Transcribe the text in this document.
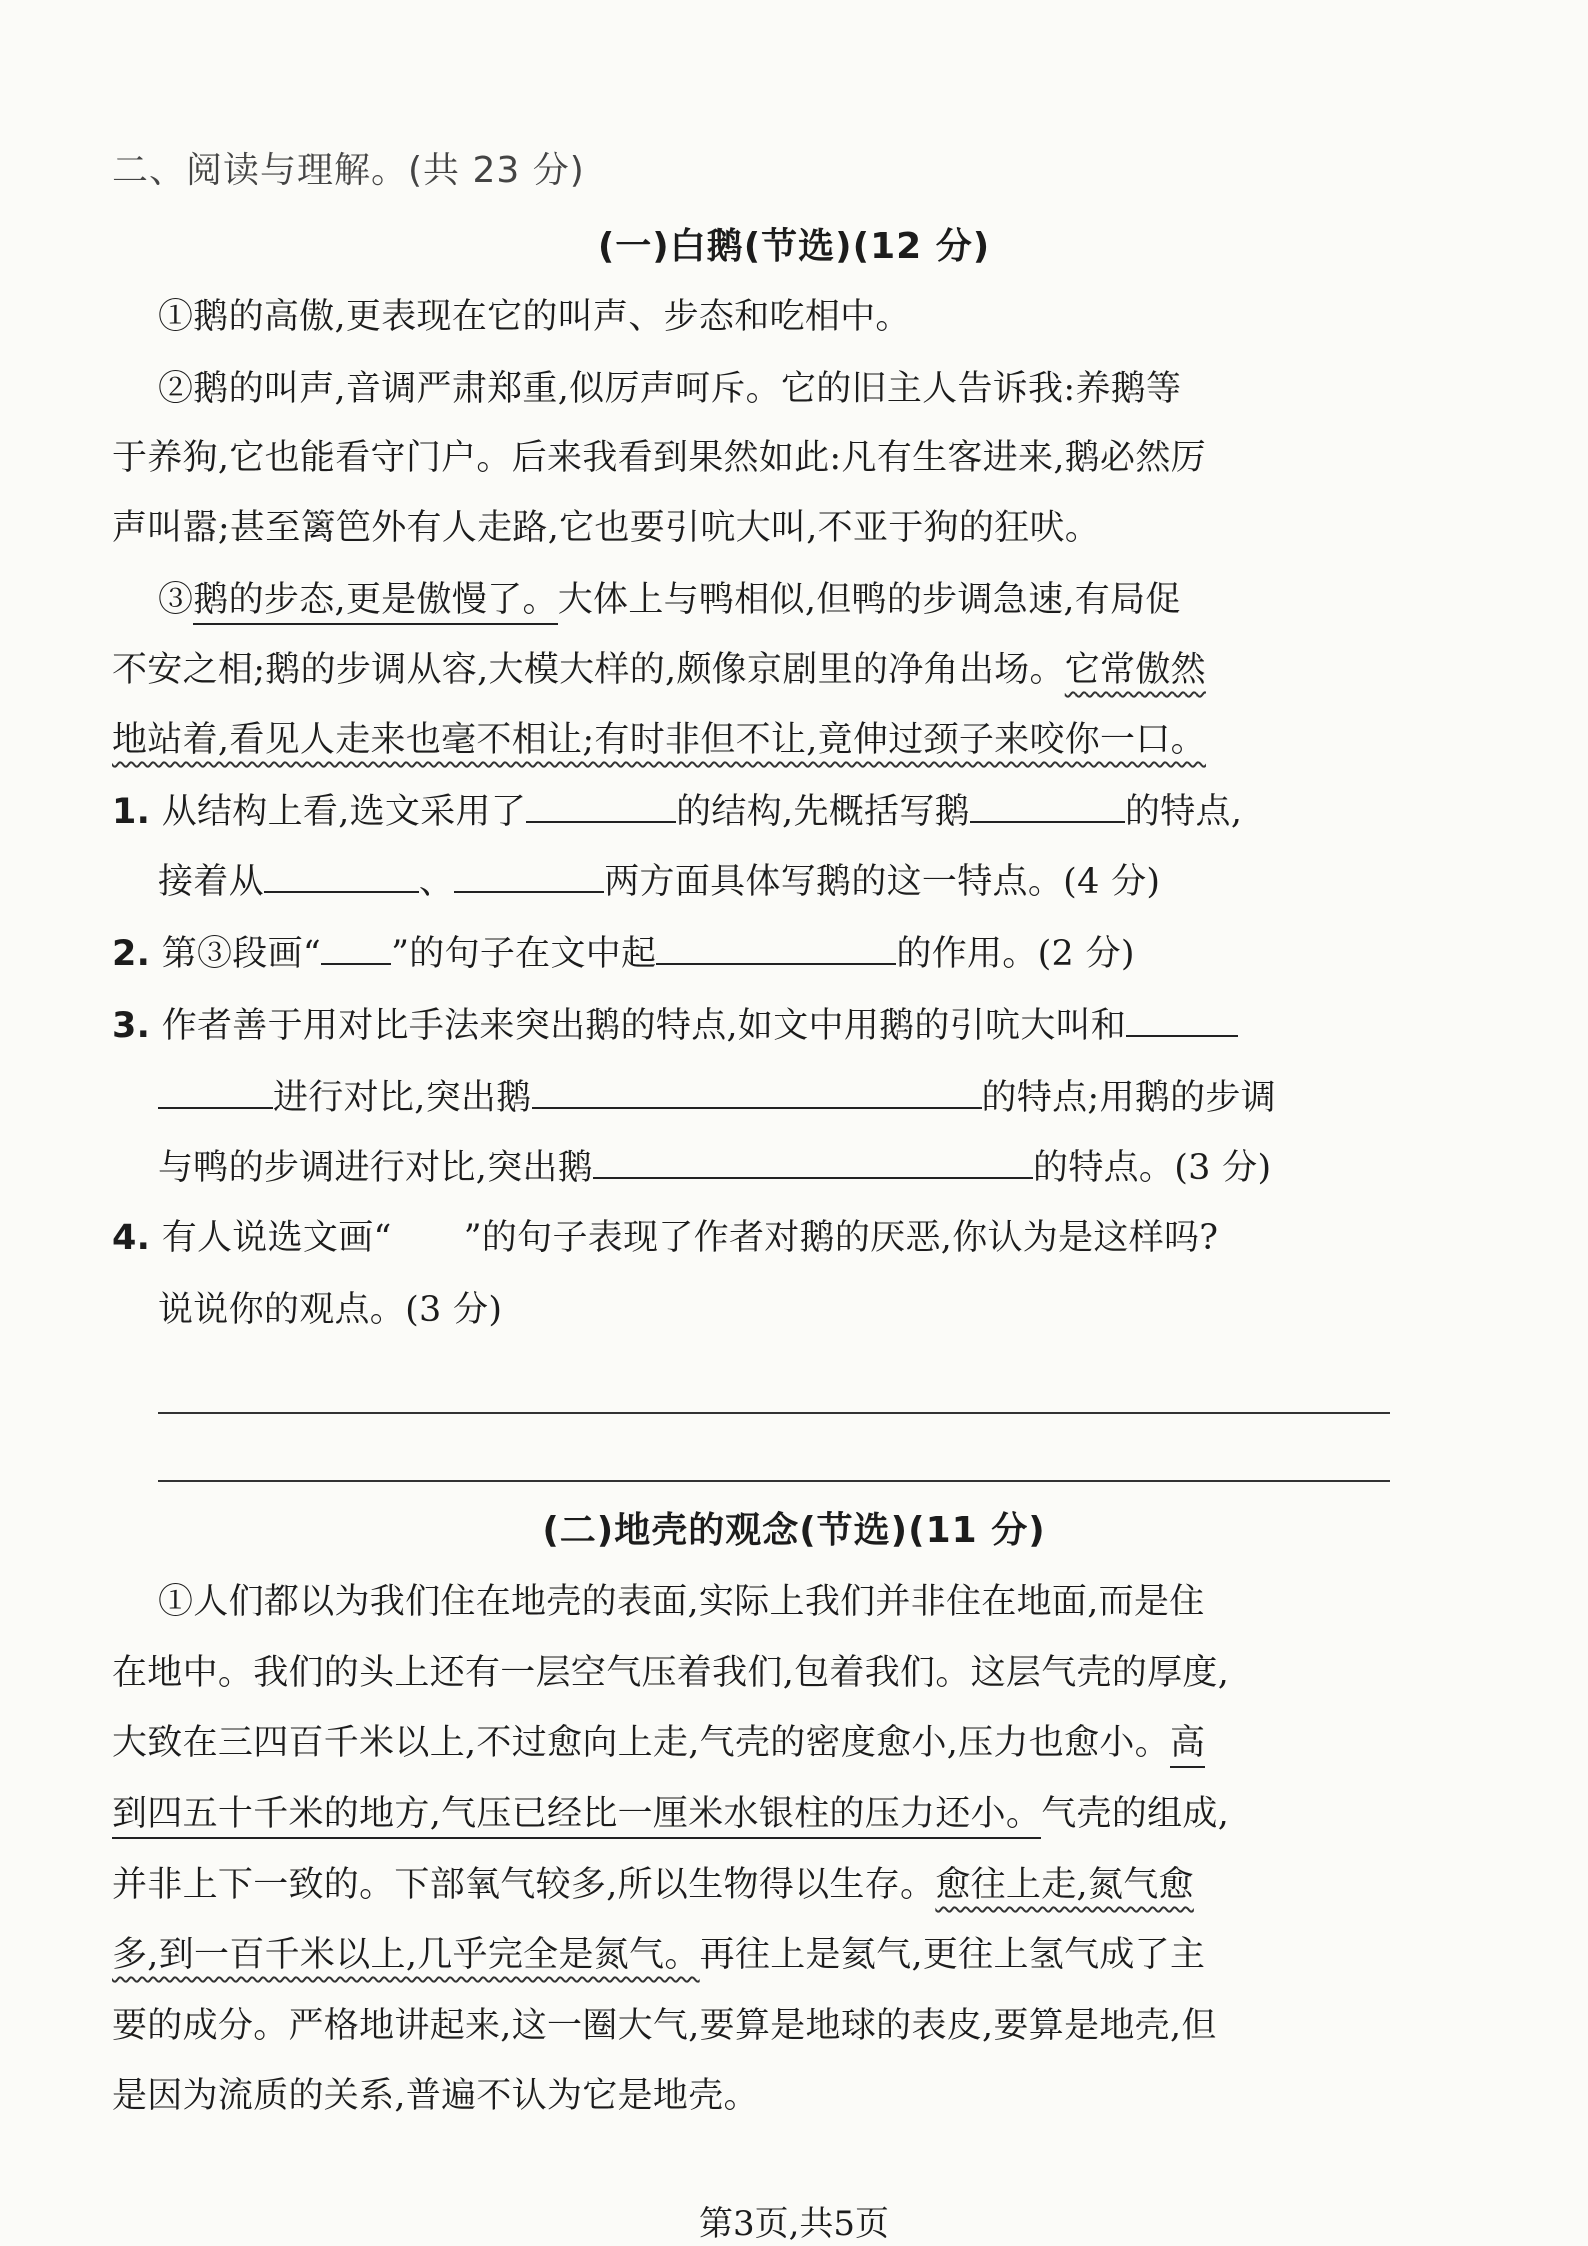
二、阅读与理解。(共 23 分)
(一)白鹅(节选)(12 分)
①鹅的高傲,更表现在它的叫声、步态和吃相中。
②鹅的叫声,音调严肃郑重,似厉声呵斥。它的旧主人告诉我:养鹅等
于养狗,它也能看守门户。后来我看到果然如此:凡有生客进来,鹅必然厉
声叫嚣;甚至篱笆外有人走路,它也要引吭大叫,不亚于狗的狂吠。
③鹅的步态,更是傲慢了。大体上与鸭相似,但鸭的步调急速,有局促
不安之相;鹅的步调从容,大模大样的,颇像京剧里的净角出场。它常傲然
地站着,看见人走来也毫不相让;有时非但不让,竟伸过颈子来咬你一口。
1. 从结构上看,选文采用了	的结构,先概括写鹅	的特点,
接着从	、	两方面具体写鹅的这一特点。(4 分)
2. 第③段画“ ”的句子在文中起	的作用。(2 分)
3. 作者善于用对比手法来突出鹅的特点,如文中用鹅的引吭大叫和
进行对比,突出鹅	的特点;用鹅的步调
与鸭的步调进行对比,突出鹅	的特点。(3 分)
4. 有人说选文画“ ”的句子表现了作者对鹅的厌恶,你认为是这样吗?
说说你的观点。(3 分)
(二)地壳的观念(节选)(11 分)
①人们都以为我们住在地壳的表面,实际上我们并非住在地面,而是住
在地中。我们的头上还有一层空气压着我们,包着我们。这层气壳的厚度,
大致在三四百千米以上,不过愈向上走,气壳的密度愈小,压力也愈小。高
到四五十千米的地方,气压已经比一厘米水银柱的压力还小。气壳的组成,
并非上下一致的。下部氧气较多,所以生物得以生存。愈往上走,氮气愈
多,到一百千米以上,几乎完全是氮气。再往上是氦气,更往上氢气成了主
要的成分。严格地讲起来,这一圈大气,要算是地球的表皮,要算是地壳,但
是因为流质的关系,普遍不认为它是地壳。
第3页,共5页
